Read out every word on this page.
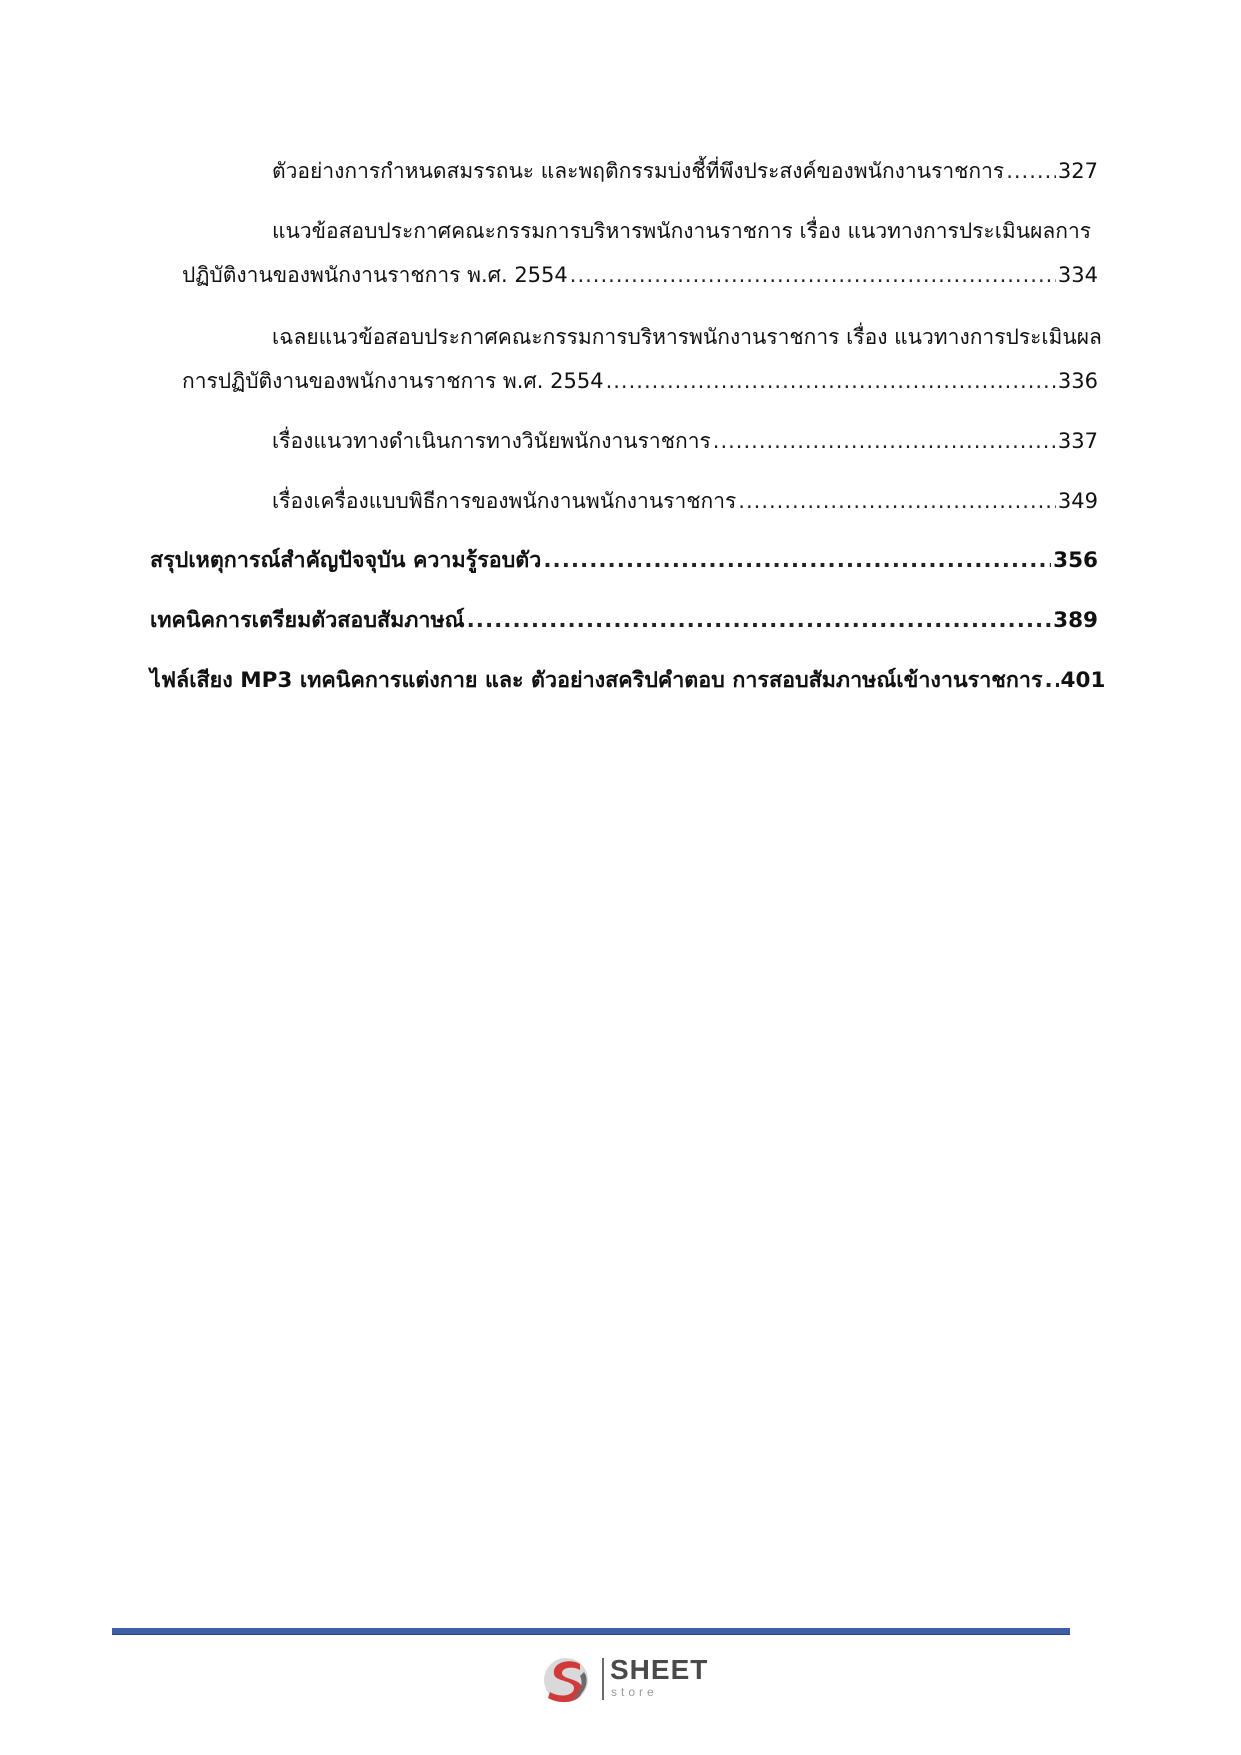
ตัวอย่างการกำหนดสมรรถนะ และพฤติกรรมบ่งชี้ที่พึงประสงค์ของพนักงานราชการ .....	327
แนวข้อสอบประกาศคณะกรรมการบริหารพนักงานราชการ เรื่อง แนวทางการประเมินผลการ
ปฏิบัติงานของพนักงานราชการ พ.ศ. 2554 .....	334
เฉลยแนวข้อสอบประกาศคณะกรรมการบริหารพนักงานราชการ เรื่อง แนวทางการประเมินผล
การปฏิบัติงานของพนักงานราชการ พ.ศ. 2554 .....	336
เรื่องแนวทางดำเนินการทางวินัยพนักงานราชการ .....	337
เรื่องเครื่องแบบพิธีการของพนักงานพนักงานราชการ .....	349
สรุปเหตุการณ์สำคัญปัจจุบัน ความรู้รอบตัว .....	356
เทคนิคการเตรียมตัวสอบสัมภาษณ์ .....	389
ไฟล์เสียง MP3 เทคนิคการแต่งกาย และ ตัวอย่างสคริปคำตอบ การสอบสัมภาษณ์เข้างานราชการ ..... 401
SHEET
store
